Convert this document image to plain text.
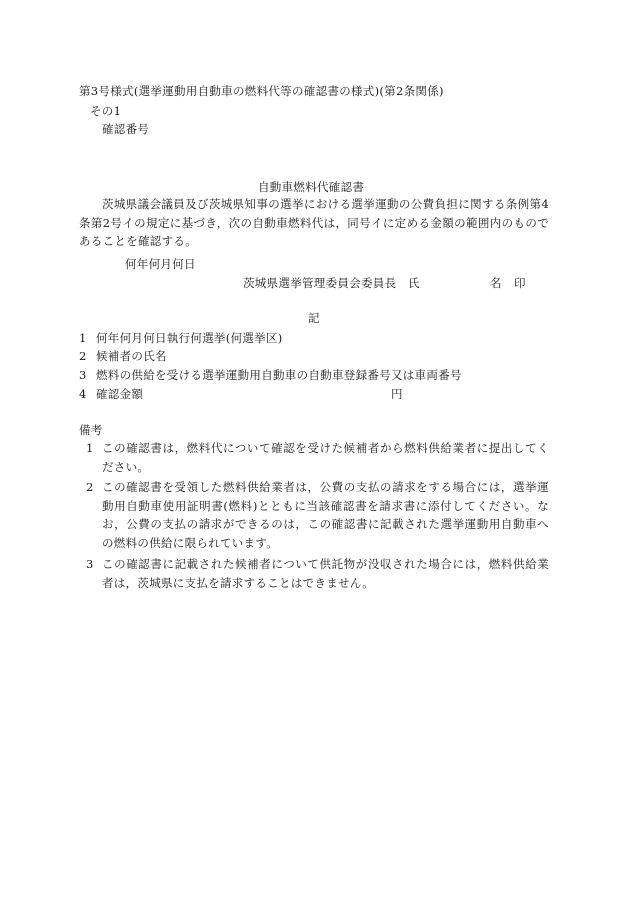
第3号様式(選挙運動用自動車の燃料代等の確認書の様式)(第2条関係)
その1
確認番号
自動車燃料代確認書
茨城県議会議員及び茨城県知事の選挙における選挙運動の公費負担に関する条例第4条第2号イの規定に基づき，次の自動車燃料代は，同号イに定める金額の範囲内のものであることを確認する。
何年何月何日
茨城県選挙管理委員会委員長 氏	名 印
記
1 何年何月何日執行何選挙(何選挙区)
2 候補者の氏名
3 燃料の供給を受ける選挙運動用自動車の自動車登録番号又は車両番号
4 確認金額	円
備考
1 この確認書は，燃料代について確認を受けた候補者から燃料供給業者に提出してください。
2 この確認書を受領した燃料供給業者は，公費の支払の請求をする場合には，選挙運動用自動車使用証明書(燃料)とともに当該確認書を請求書に添付してください。なお，公費の支払の請求ができるのは，この確認書に記載された選挙運動用自動車への燃料の供給に限られています。
3 この確認書に記載された候補者について供託物が没収された場合には，燃料供給業者は，茨城県に支払を請求することはできません。
